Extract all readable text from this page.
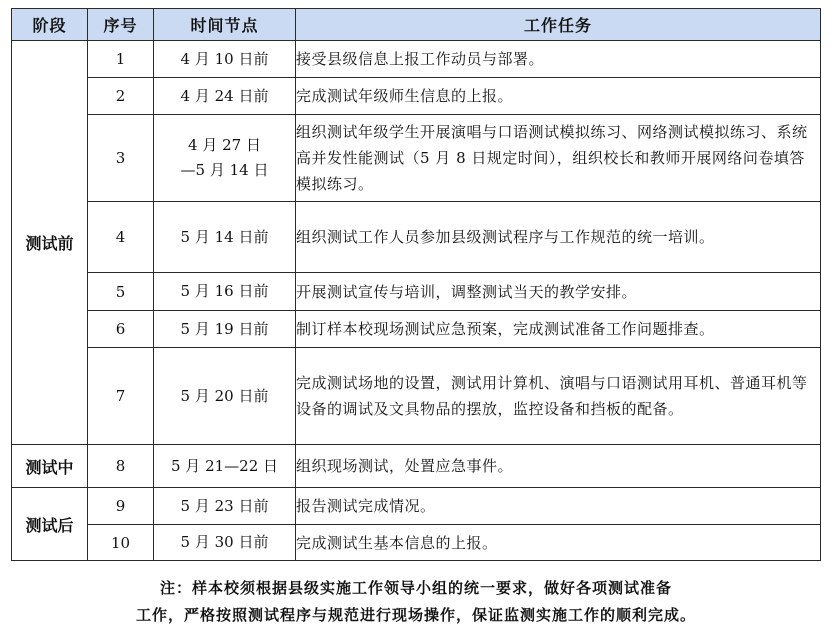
阶段	序号	时间节点	工作任务
测试前	1	4 月 10 日前	接受县级信息上报工作动员与部署。
	2	4 月 24 日前	完成测试年级师生信息的上报。
	3	4 月 27 日
—5 月 14 日	组织测试年级学生开展演唱与口语测试模拟练习、网络测试模拟练习、系统高并发性能测试（5 月 8 日规定时间），组织校长和教师开展网络问卷填答模拟练习。
	4	5 月 14 日前	组织测试工作人员参加县级测试程序与工作规范的统一培训。
	5	5 月 16 日前	开展测试宣传与培训，调整测试当天的教学安排。
	6	5 月 19 日前	制订样本校现场测试应急预案，完成测试准备工作问题排查。
	7	5 月 20 日前	完成测试场地的设置，测试用计算机、演唱与口语测试用耳机、普通耳机等设备的调试及文具物品的摆放，监控设备和挡板的配备。
测试中	8	5 月 21—22 日	组织现场测试，处置应急事件。
测试后	9	5 月 23 日前	报告测试完成情况。
	10	5 月 30 日前	完成测试生基本信息的上报。
注：样本校须根据县级实施工作领导小组的统一要求，做好各项测试准备
工作，严格按照测试程序与规范进行现场操作，保证监测实施工作的顺利完成。
